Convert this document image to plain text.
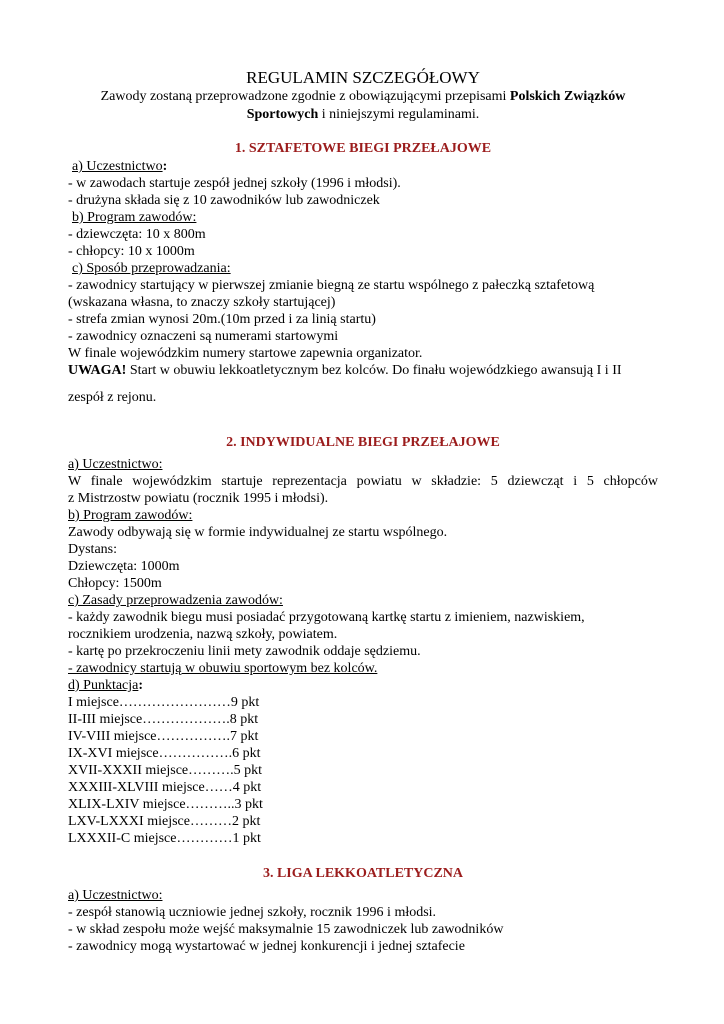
REGULAMIN SZCZEGÓŁOWY

Zawody zostaną przeprowadzone zgodnie z obowiązującymi przepisami Polskich Związków
Sportowych i niniejszymi regulaminami.

1. SZTAFETOWE BIEGI PRZEŁAJOWE

a) Uczestnictwo:

- w zawodach startuje zespół jednej szkoły (1996 i młodsi).

- drużyna składa się z 10 zawodników lub zawodniczek

b) Program zawodów:

- dziewczęta: 10 x 800m

- chłopcy: 10 x 1000m

c) Sposób przeprowadzania:

- zawodnicy startujący w pierwszej zmianie biegną ze startu wspólnego z pałeczką sztafetową

(wskazana własna, to znaczy szkoły startującej)

- strefa zmian wynosi 20m.(10m przed i za linią startu)

- zawodnicy oznaczeni są numerami startowymi

W finale wojewódzkim numery startowe zapewnia organizator.

UWAGA! Start w obuwiu lekkoatletycznym bez kolców. Do finału wojewódzkiego awansują I i II

zespół z rejonu.

2. INDYWIDUALNE BIEGI PRZEŁAJOWE

a) Uczestnictwo:

W finale wojewódzkim startuje reprezentacja powiatu w składzie: 5 dziewcząt i 5 chłopców

z Mistrzostw powiatu (rocznik 1995 i młodsi).

b) Program zawodów:

Zawody odbywają się w formie indywidualnej ze startu wspólnego.

Dystans:

Dziewczęta: 1000m

Chłopcy: 1500m

c) Zasady przeprowadzenia zawodów:

- każdy zawodnik biegu musi posiadać przygotowaną kartkę startu z imieniem, nazwiskiem,

rocznikiem urodzenia, nazwą szkoły, powiatem.

- kartę po przekroczeniu linii mety zawodnik oddaje sędziemu.

- zawodnicy startują w obuwiu sportowym bez kolców.

d) Punktacja:

I miejsce……………………9 pkt

II-III miejsce……………….8 pkt

IV-VIII miejsce…………….7 pkt

IX-XVI miejsce…………….6 pkt

XVII-XXXII miejsce……….5 pkt

XXXIII-XLVIII miejsce……4 pkt

XLIX-LXIV miejsce………..3 pkt

LXV-LXXXI miejsce………2 pkt

LXXXII-C miejsce…………1 pkt

3. LIGA LEKKOATLETYCZNA

a) Uczestnictwo:

- zespół stanowią uczniowie jednej szkoły, rocznik 1996 i młodsi.

- w skład zespołu może wejść maksymalnie 15 zawodniczek lub zawodników

- zawodnicy mogą wystartować w jednej konkurencji i jednej sztafecie
